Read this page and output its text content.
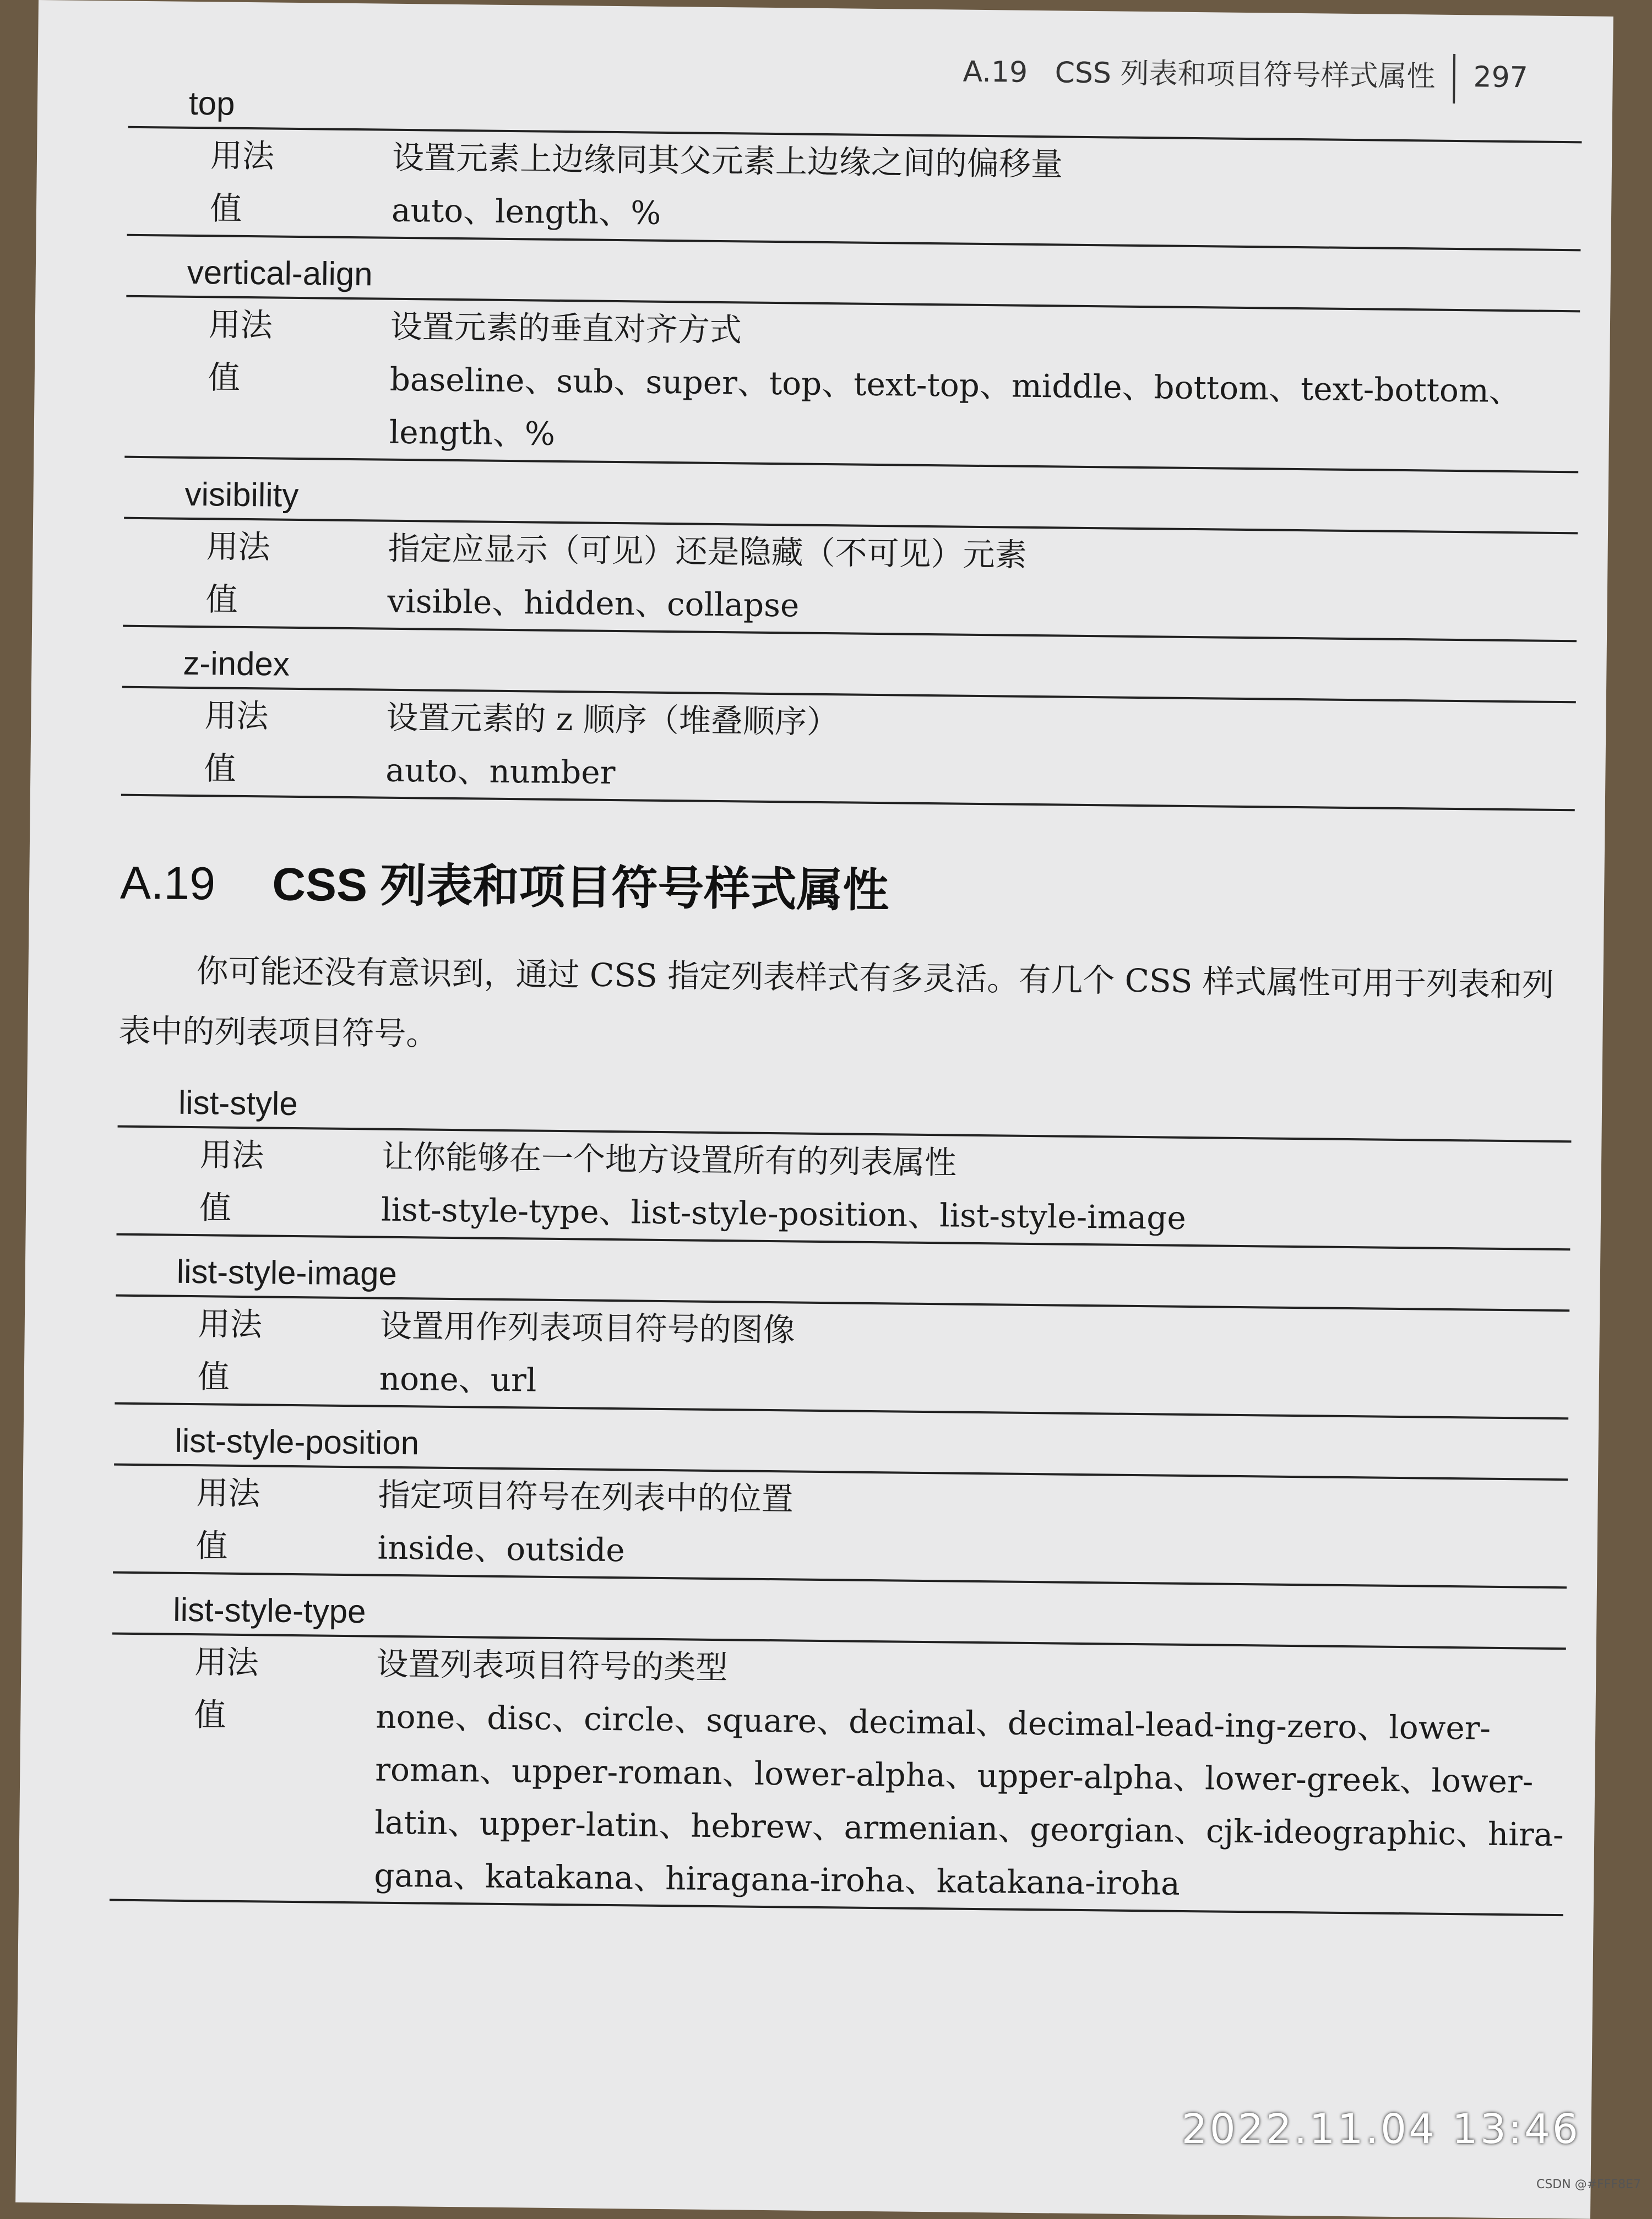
A.19 CSS 列表和项目符号样式属性 297
top
用法	设置元素上边缘同其父元素上边缘之间的偏移量
值	auto、length、%
vertical-align
用法	设置元素的垂直对齐方式
值	baseline、sub、super、top、text-top、middle、bottom、text-bottom、length、%
visibility
用法	指定应显示（可见）还是隐藏（不可见）元素
值	visible、hidden、collapse
z-index
用法	设置元素的 z 顺序（堆叠顺序）
值	auto、number
A.19 CSS 列表和项目符号样式属性
你可能还没有意识到，通过 CSS 指定列表样式有多灵活。有几个 CSS 样式属性可用于列表和列表中的列表项目符号。
list-style
用法	让你能够在一个地方设置所有的列表属性
值	list-style-type、list-style-position、list-style-image
list-style-image
用法	设置用作列表项目符号的图像
值	none、url
list-style-position
用法	指定项目符号在列表中的位置
值	inside、outside
list-style-type
用法	设置列表项目符号的类型
值	none、disc、circle、square、decimal、decimal-lead-ing-zero、lower-roman、upper-roman、lower-alpha、upper-alpha、lower-greek、lower-latin、upper-latin、hebrew、armenian、georgian、cjk-ideographic、hira-gana、katakana、hiragana-iroha、katakana-iroha
2022.11.04 13:46
CSDN @#FFF8E7
